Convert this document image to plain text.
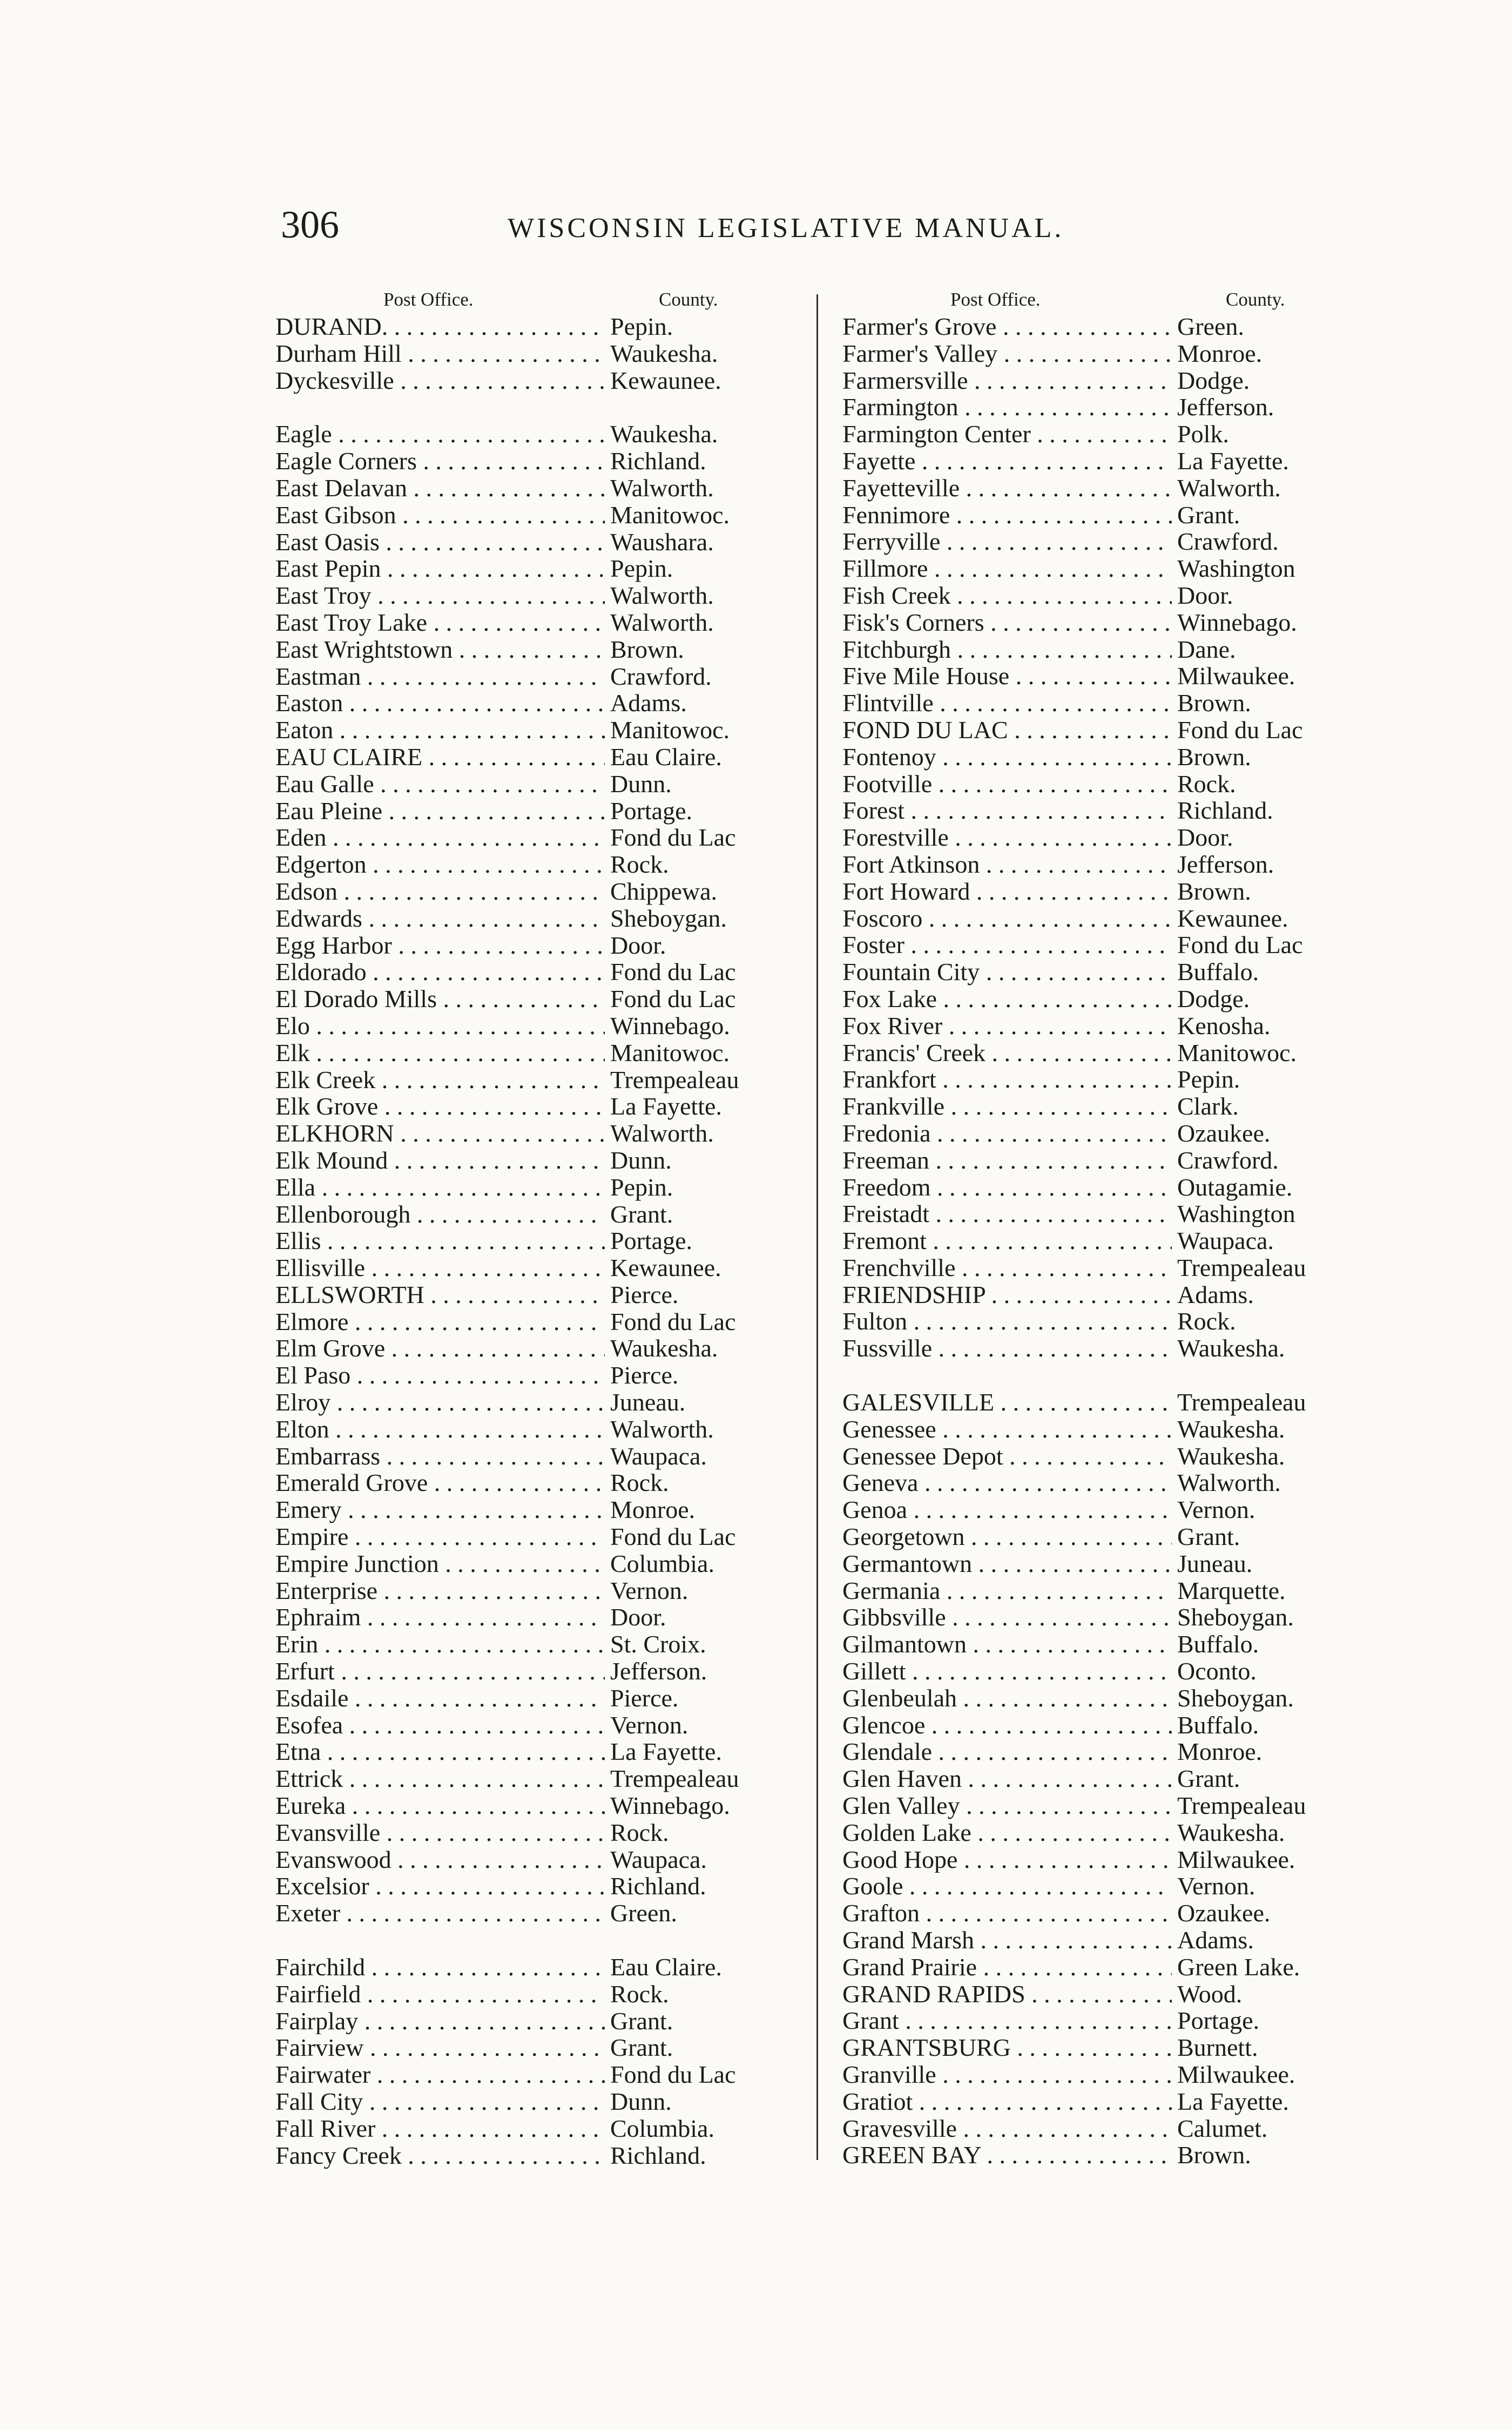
306	WISCONSIN LEGISLATIVE MANUAL.
Post Office.	County.
DURAND. . . .	Pepin.
Durham Hill . . .	Waukesha.
Dyckesville . . .	Kewaunee.
Eagle . . .	Waukesha.
Eagle Corners . . .	Richland.
East Delavan . . .	Walworth.
East Gibson . . .	Manitowoc.
East Oasis . . .	Waushara.
East Pepin . . .	Pepin.
East Troy . . .	Walworth.
East Troy Lake . . .	Walworth.
East Wrightstown . . .	Brown.
Eastman . . .	Crawford.
Easton . . .	Adams.
Eaton . . .	Manitowoc.
EAU CLAIRE . . .	Eau Claire.
Eau Galle . . .	Dunn.
Eau Pleine . . .	Portage.
Eden . . .	Fond du Lac
Edgerton . . .	Rock.
Edson . . .	Chippewa.
Edwards . . .	Sheboygan.
Egg Harbor . . .	Door.
Eldorado . . .	Fond du Lac
El Dorado Mills . . .	Fond du Lac
Elo . . .	Winnebago.
Elk . . .	Manitowoc.
Elk Creek . . .	Trempealeau
Elk Grove . . .	La Fayette.
ELKHORN . . .	Walworth.
Elk Mound . . .	Dunn.
Ella . . .	Pepin.
Ellenborough . . .	Grant.
Ellis . . .	Portage.
Ellisville . . .	Kewaunee.
ELLSWORTH . . .	Pierce.
Elmore . . .	Fond du Lac
Elm Grove . . .	Waukesha.
El Paso . . .	Pierce.
Elroy . . .	Juneau.
Elton . . .	Walworth.
Embarrass . . .	Waupaca.
Emerald Grove . . .	Rock.
Emery . . .	Monroe.
Empire . . .	Fond du Lac
Empire Junction . . .	Columbia.
Enterprise . . .	Vernon.
Ephraim . . .	Door.
Erin . . .	St. Croix.
Erfurt . . .	Jefferson.
Esdaile . . .	Pierce.
Esofea . . .	Vernon.
Etna . . .	La Fayette.
Ettrick . . .	Trempealeau
Eureka . . .	Winnebago.
Evansville . . .	Rock.
Evanswood . . .	Waupaca.
Excelsior . . .	Richland.
Exeter . . .	Green.
Fairchild . . .	Eau Claire.
Fairfield . . .	Rock.
Fairplay . . .	Grant.
Fairview . . .	Grant.
Fairwater . . .	Fond du Lac
Fall City . . .	Dunn.
Fall River . . .	Columbia.
Fancy Creek . . .	Richland.
Post Office.	County.
Farmer's Grove . . .	Green.
Farmer's Valley . . .	Monroe.
Farmersville . . .	Dodge.
Farmington . . .	Jefferson.
Farmington Center . . .	Polk.
Fayette . . .	La Fayette.
Fayetteville . . .	Walworth.
Fennimore . . .	Grant.
Ferryville . . .	Crawford.
Fillmore . . .	Washington
Fish Creek . . .	Door.
Fisk's Corners . . .	Winnebago.
Fitchburgh . . .	Dane.
Five Mile House . . .	Milwaukee.
Flintville . . .	Brown.
FOND DU LAC . . .	Fond du Lac
Fontenoy . . .	Brown.
Footville . . .	Rock.
Forest . . .	Richland.
Forestville . . .	Door.
Fort Atkinson . . .	Jefferson.
Fort Howard . . .	Brown.
Foscoro . . .	Kewaunee.
Foster . . .	Fond du Lac
Fountain City . . .	Buffalo.
Fox Lake . . .	Dodge.
Fox River . . .	Kenosha.
Francis' Creek . . .	Manitowoc.
Frankfort . . .	Pepin.
Frankville . . .	Clark.
Fredonia . . .	Ozaukee.
Freeman . . .	Crawford.
Freedom . . .	Outagamie.
Freistadt . . .	Washington
Fremont . . .	Waupaca.
Frenchville . . .	Trempealeau
FRIENDSHIP . . .	Adams.
Fulton . . .	Rock.
Fussville . . .	Waukesha.
GALESVILLE . . .	Trempealeau
Genessee . . .	Waukesha.
Genessee Depot . . .	Waukesha.
Geneva . . .	Walworth.
Genoa . . .	Vernon.
Georgetown . . .	Grant.
Germantown . . .	Juneau.
Germania . . .	Marquette.
Gibbsville . . .	Sheboygan.
Gilmantown . . .	Buffalo.
Gillett . . .	Oconto.
Glenbeulah . . .	Sheboygan.
Glencoe . . .	Buffalo.
Glendale . . .	Monroe.
Glen Haven . . .	Grant.
Glen Valley . . .	Trempealeau
Golden Lake . . .	Waukesha.
Good Hope . . .	Milwaukee.
Goole . . .	Vernon.
Grafton . . .	Ozaukee.
Grand Marsh . . .	Adams.
Grand Prairie . . .	Green Lake.
GRAND RAPIDS . . .	Wood.
Grant . . .	Portage.
GRANTSBURG . . .	Burnett.
Granville . . .	Milwaukee.
Gratiot . . .	La Fayette.
Gravesville . . .	Calumet.
GREEN BAY . . .	Brown.
